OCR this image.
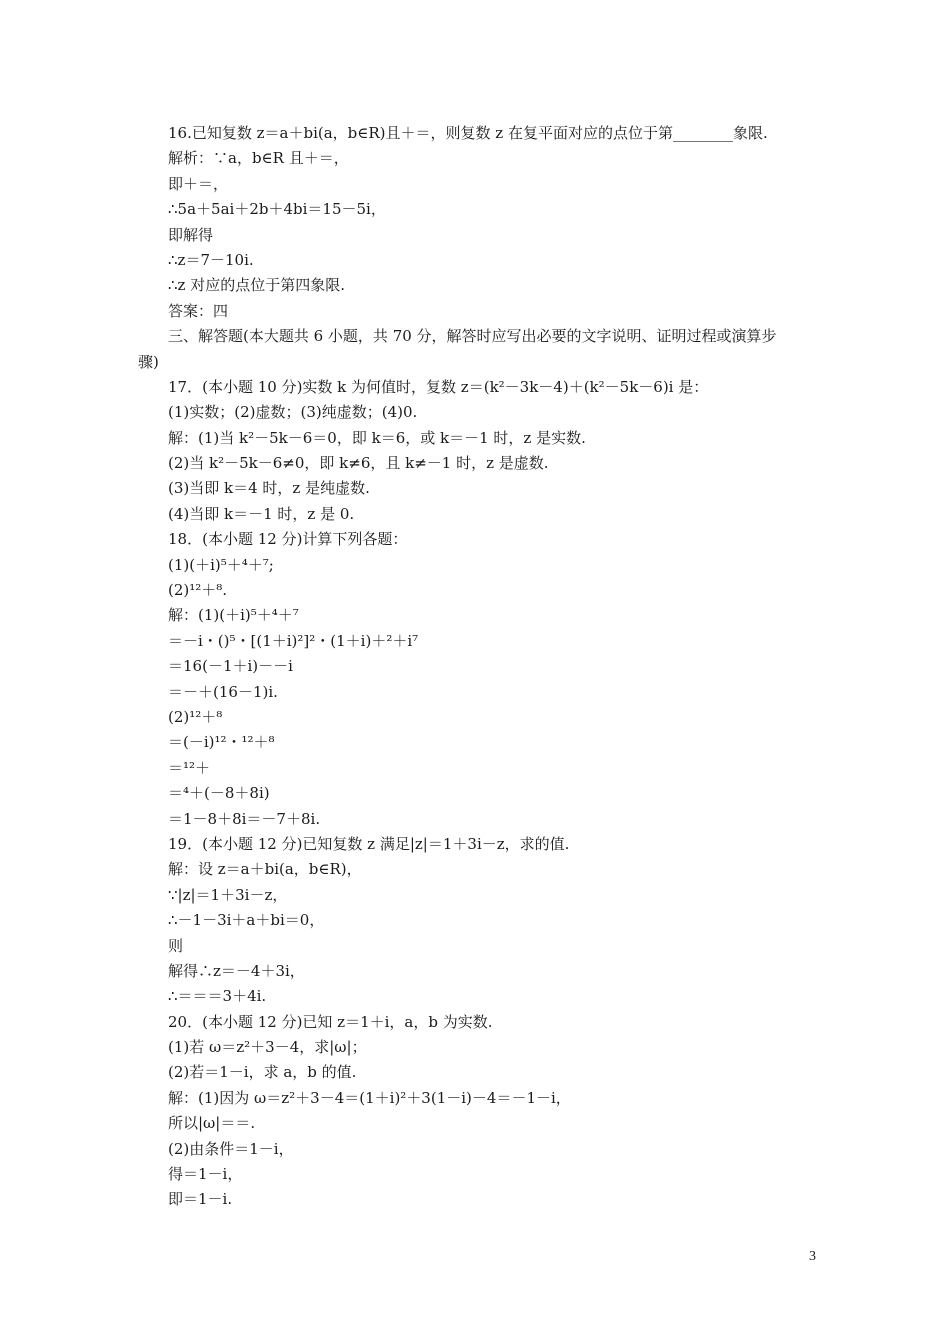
16.已知复数 z＝a＋bi(a，b∈R)且＋＝，则复数 z 在复平面对应的点位于第________象限.
解析：∵a，b∈R 且＋＝，
即＋＝，
∴5a＋5ai＋2b＋4bi＝15－5i，
即解得
∴z＝7－10i.
∴z 对应的点位于第四象限.
答案：四
三、解答题(本大题共 6 小题，共 70 分，解答时应写出必要的文字说明、证明过程或演算步
骤)
17．(本小题 10 分)实数 k 为何值时，复数 z＝(k²－3k－4)＋(k²－5k－6)i 是：
(1)实数；(2)虚数；(3)纯虚数；(4)0.
解：(1)当 k²－5k－6＝0，即 k＝6，或 k＝－1 时，z 是实数.
(2)当 k²－5k－6≠0，即 k≠6，且 k≠－1 时，z 是虚数.
(3)当即 k＝4 时，z 是纯虚数.
(4)当即 k＝－1 时，z 是 0.
18．(本小题 12 分)计算下列各题：
(1)(＋i)⁵＋⁴＋⁷;
(2)¹²＋⁸.
解：(1)(＋i)⁵＋⁴＋⁷
＝－i・()⁵・[(1＋i)²]²・(1＋i)＋²＋i⁷
＝16(－1＋i)－－i
＝－＋(16－1)i.
(2)¹²＋⁸
＝(－i)¹²・¹²＋⁸
＝¹²＋
＝⁴＋(－8＋8i)
＝1－8＋8i＝－7＋8i.
19．(本小题 12 分)已知复数 z 满足|z|＝1＋3i－z，求的值.
解：设 z＝a＋bi(a，b∈R)，
∵|z|＝1＋3i－z，
∴－1－3i＋a＋bi＝0，
则
解得∴z＝－4＋3i，
∴＝＝＝3＋4i.
20．(本小题 12 分)已知 z＝1＋i，a，b 为实数.
(1)若 ω＝z²＋3－4，求|ω|；
(2)若＝1－i，求 a，b 的值.
解：(1)因为 ω＝z²＋3－4＝(1＋i)²＋3(1－i)－4＝－1－i，
所以|ω|＝＝.
(2)由条件＝1－i，
得＝1－i，
即＝1－i.
3
